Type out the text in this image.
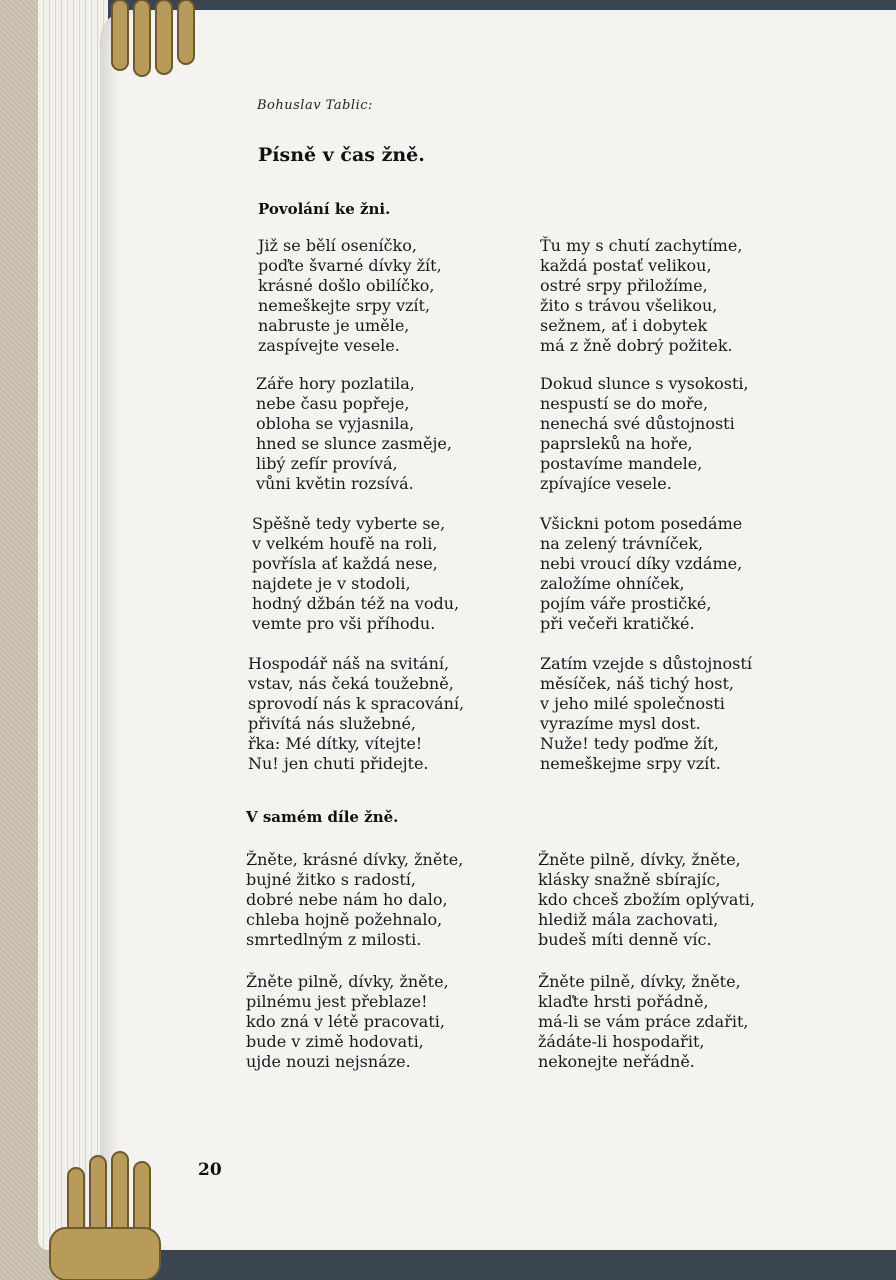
Bohuslav Tablic:
Písně v čas žně.
Povolání ke žni.
Již se bělí oseníčko,
poďte švarné dívky žít,
krásné došlo obilíčko,
nemeškejte srpy vzít,
nabruste je uměle,
zaspívejte vesele.
Ťu my s chutí zachytíme,
každá postať velikou,
ostré srpy přiložíme,
žito s trávou všelikou,
sežnem, ať i dobytek
má z žně dobrý požitek.
Záře hory pozlatila,
nebe času popřeje,
obloha se vyjasnila,
hned se slunce zasměje,
libý zefír provívá,
vůni květin rozsívá.
Dokud slunce s vysokosti,
nespustí se do moře,
nenechá své důstojnosti
paprsleků na hoře,
postavíme mandele,
zpívajíce vesele.
Spěšně tedy vyberte se,
v velkém houfě na roli,
povřísla ať každá nese,
najdete je v stodoli,
hodný džbán též na vodu,
vemte pro vši příhodu.
Všickni potom posedáme
na zelený trávníček,
nebi vroucí díky vzdáme,
založíme ohníček,
pojím váře prostičké,
při večeři kratičké.
Hospodář náš na svitání,
vstav, nás čeká toužebně,
sprovodí nás k spracování,
přivítá nás služebné,
řka: Mé dítky, vítejte!
Nu! jen chuti přidejte.
Zatím vzejde s důstojností
měsíček, náš tichý host,
v jeho milé společnosti
vyrazíme mysl dost.
Nuže! tedy poďme žít,
nemeškejme srpy vzít.
V samém díle žně.
Žněte, krásné dívky, žněte,
bujné žitko s radostí,
dobré nebe nám ho dalo,
chleba hojně požehnalo,
smrtedlným z milosti.
Žněte pilně, dívky, žněte,
klásky snažně sbírajíc,
kdo chceš zbožím oplývati,
hlediž mála zachovati,
budeš míti denně víc.
Žněte pilně, dívky, žněte,
pilnému jest přeblaze!
kdo zná v létě pracovati,
bude v zimě hodovati,
ujde nouzi nejsnáze.
Žněte pilně, dívky, žněte,
klaďte hrsti pořádně,
má-li se vám práce zdařit,
žádáte-li hospodařit,
nekonejte neřádně.
20
